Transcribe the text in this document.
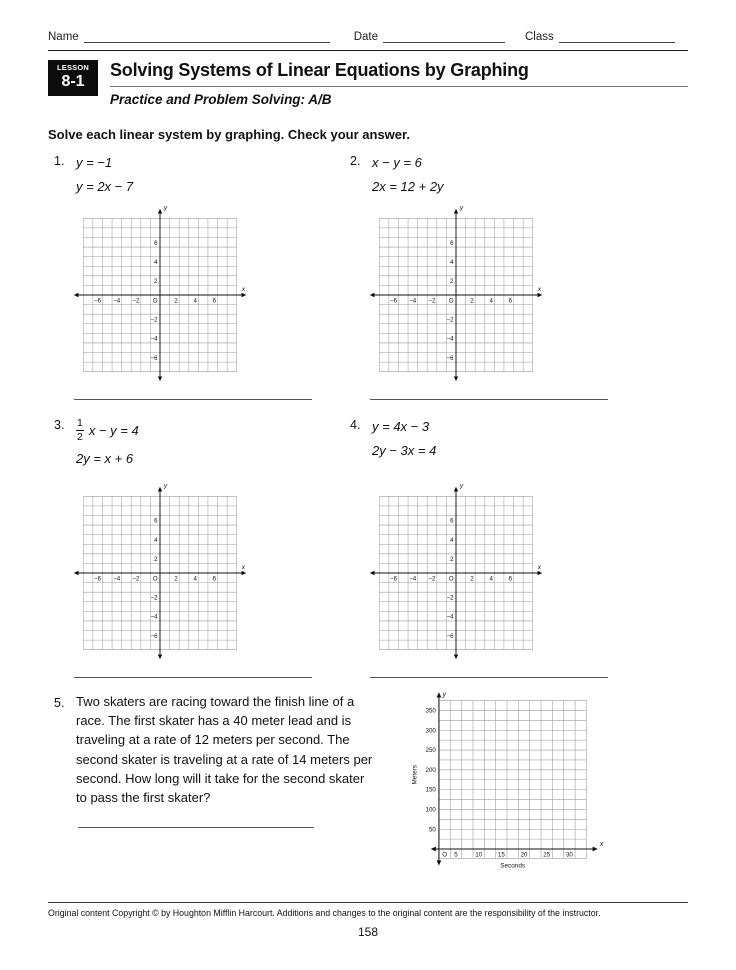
Name	Date	Class
LESSON
8-1
Solving Systems of Linear Equations by Graphing
Practice and Problem Solving: A/B

Solve each linear system by graphing. Check your answer.

1. y = −1
y = 2x − 7
−6
−6
−4
−4
−2
−2
2
2
4
4
6
6
O
x
y
2. x − y = 6
2x = 12 + 2y
−6
−6
−4
−4
−2
−2
2
2
4
4
6
6
O
x
y
3.	$\frac{1}{2}$ x − y = 4
2y = x + 6
−6
−6
−4
−4
−2
−2
2
2
4
4
6
6
O
x
y
4. y = 4x − 3
2y − 3x = 4
−6
−6
−4
−4
−2
−2
2
2
4
4
6
6
O
x
y
5. Two skaters are racing toward the finish line of a race. The first skater has a 40 meter lead and is traveling at a rate of 12 meters per second. The second skater is traveling at a rate of 14 meters per second. How long will it take for the second skater to pass the first skater?

50
100
150
200
250
300
350
5	10	15	20	25	30
O
Seconds
Meters
x
y
Original content Copyright © by Houghton Mifflin Harcourt. Additions and changes to the original content are the responsibility of the instructor.
158
